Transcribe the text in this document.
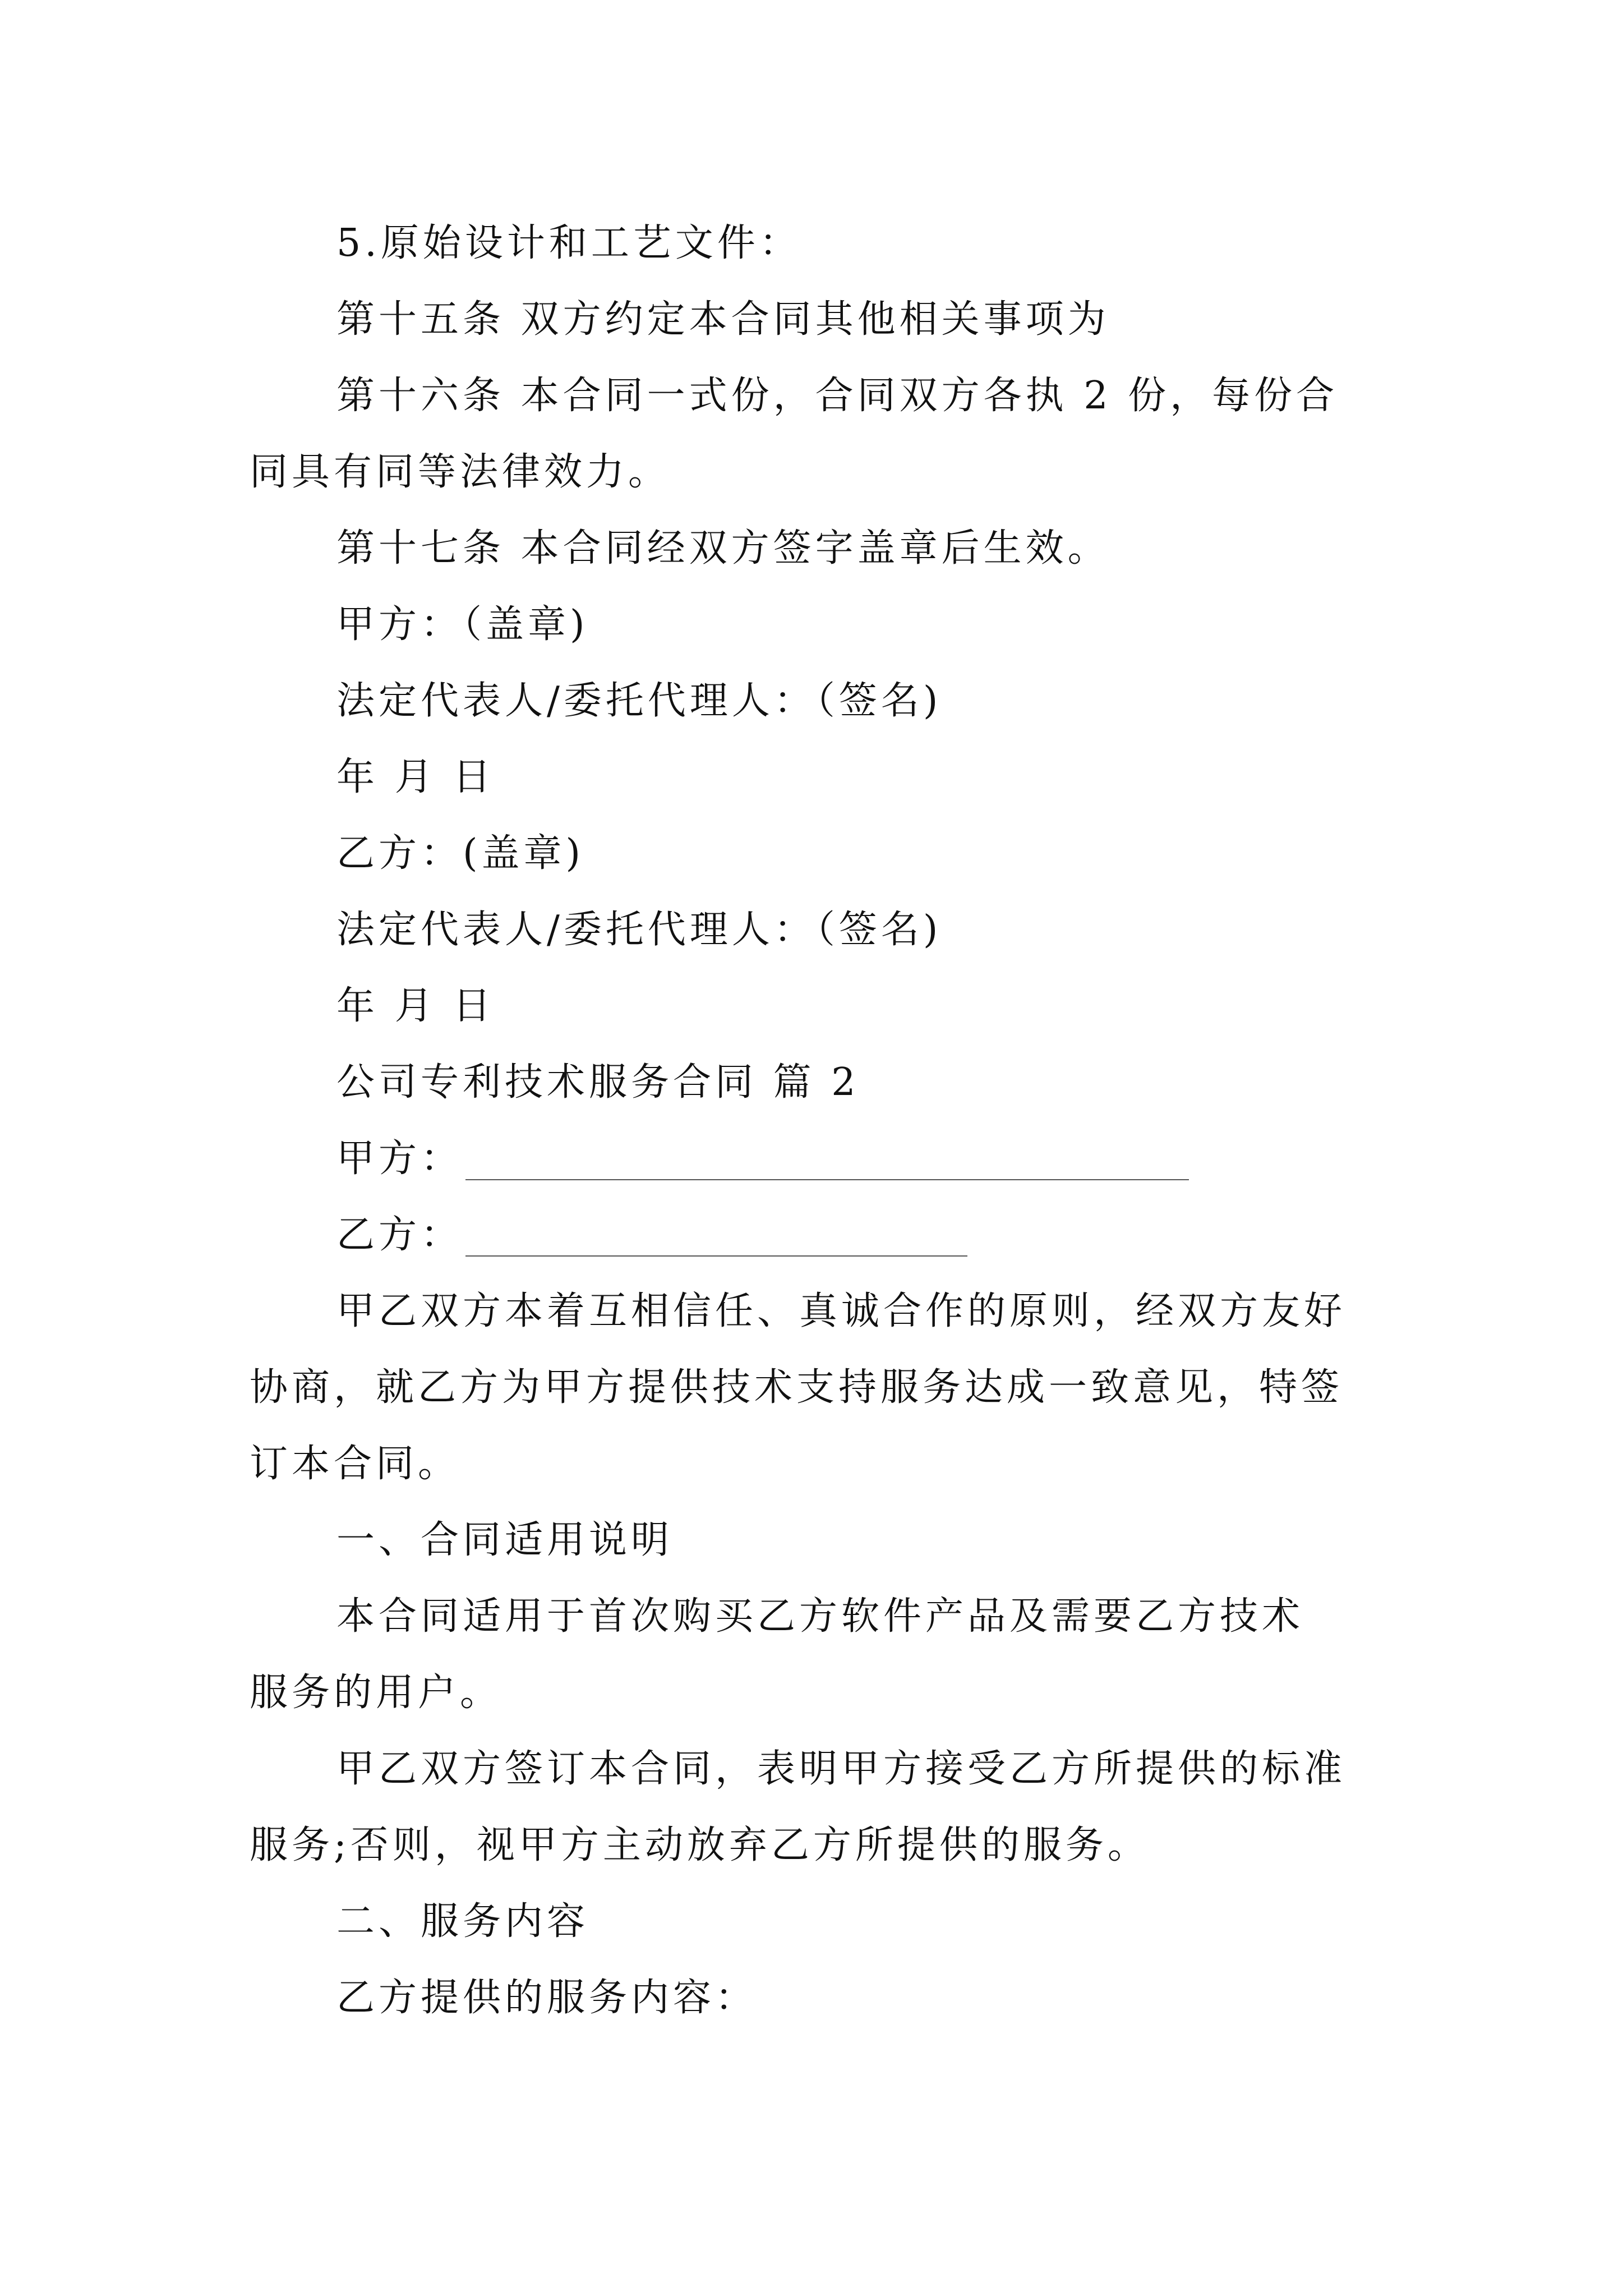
5.原始设计和工艺文件：
第十五条 双方约定本合同其他相关事项为
第十六条 本合同一式份，合同双方各执 2 份，每份合
同具有同等法律效力。
第十七条 本合同经双方签字盖章后生效。
甲方：（盖章)
法定代表人/委托代理人：（签名)
年 月 日
乙方：(盖章)
法定代表人/委托代理人：（签名)
年 月 日
公司专利技术服务合同 篇 2
甲方：
乙方：
甲乙双方本着互相信任、真诚合作的原则，经双方友好
协商，就乙方为甲方提供技术支持服务达成一致意见，特签
订本合同。
一、合同适用说明
本合同适用于首次购买乙方软件产品及需要乙方技术
服务的用户。
甲乙双方签订本合同，表明甲方接受乙方所提供的标准
服务;否则，视甲方主动放弃乙方所提供的服务。
二、服务内容
乙方提供的服务内容：
